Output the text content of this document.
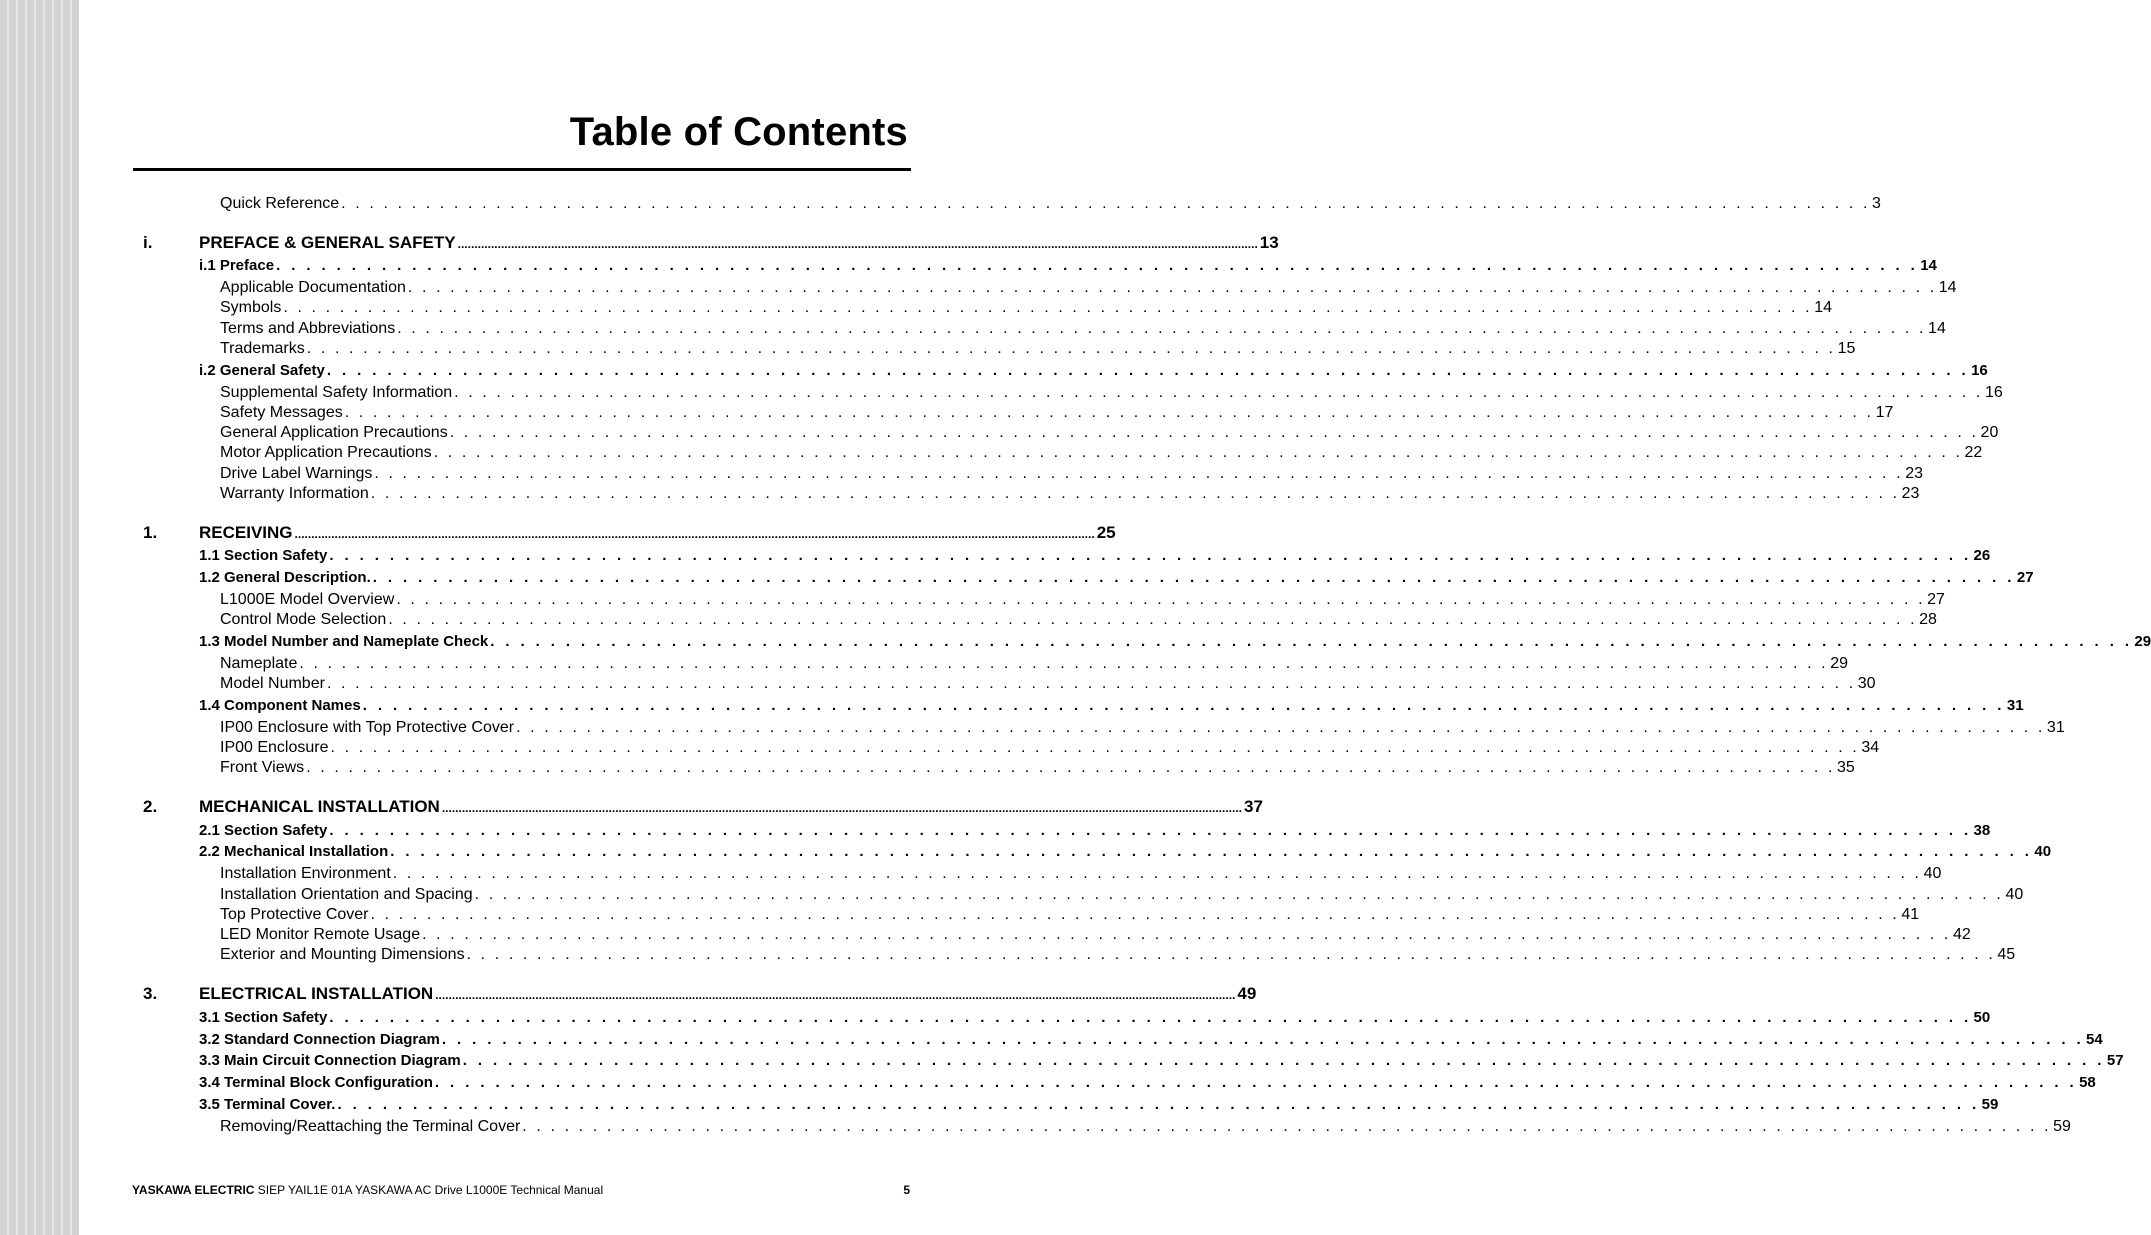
Table of Contents
Quick Reference . . . . . . . . . . . . . . . . . . . . . . . . . . . . . . . . . . . . . . . . . . . . . . . . . . . . . . . . . . . . . . . . . . . . . . . . . . . . . . . . . . . . . . . . . . . . . . . . . . . . . . . . . . . . . 3
i.	PREFACE & GENERAL SAFETY ................................................................................................................................................................................................................................................ 13
i.1 Preface . . . . . . . . . . . . . . . . . . . . . . . . . . . . . . . . . . . . . . . . . . . . . . . . . . . . . . . . . . . . . . . . . . . . . . . . . . . . . . . . . . . . . . . . . . . . . . . . . . . . . . . . . . . . . 14
Applicable Documentation . . . . . . . . . . . . . . . . . . . . . . . . . . . . . . . . . . . . . . . . . . . . . . . . . . . . . . . . . . . . . . . . . . . . . . . . . . . . . . . . . . . . . . . . . . . . . . . . . . . . . . . . . . . . . 14
Symbols . . . . . . . . . . . . . . . . . . . . . . . . . . . . . . . . . . . . . . . . . . . . . . . . . . . . . . . . . . . . . . . . . . . . . . . . . . . . . . . . . . . . . . . . . . . . . . . . . . . . . . . . . . . . . 14
Terms and Abbreviations . . . . . . . . . . . . . . . . . . . . . . . . . . . . . . . . . . . . . . . . . . . . . . . . . . . . . . . . . . . . . . . . . . . . . . . . . . . . . . . . . . . . . . . . . . . . . . . . . . . . . . . . . . . . . 14
Trademarks . . . . . . . . . . . . . . . . . . . . . . . . . . . . . . . . . . . . . . . . . . . . . . . . . . . . . . . . . . . . . . . . . . . . . . . . . . . . . . . . . . . . . . . . . . . . . . . . . . . . . . . . . . . . . 15
i.2 General Safety . . . . . . . . . . . . . . . . . . . . . . . . . . . . . . . . . . . . . . . . . . . . . . . . . . . . . . . . . . . . . . . . . . . . . . . . . . . . . . . . . . . . . . . . . . . . . . . . . . . . . . . . . . . . . 16
Supplemental Safety Information . . . . . . . . . . . . . . . . . . . . . . . . . . . . . . . . . . . . . . . . . . . . . . . . . . . . . . . . . . . . . . . . . . . . . . . . . . . . . . . . . . . . . . . . . . . . . . . . . . . . . . . . . . . . . 16
Safety Messages . . . . . . . . . . . . . . . . . . . . . . . . . . . . . . . . . . . . . . . . . . . . . . . . . . . . . . . . . . . . . . . . . . . . . . . . . . . . . . . . . . . . . . . . . . . . . . . . . . . . . . . . . . . . . 17
General Application Precautions . . . . . . . . . . . . . . . . . . . . . . . . . . . . . . . . . . . . . . . . . . . . . . . . . . . . . . . . . . . . . . . . . . . . . . . . . . . . . . . . . . . . . . . . . . . . . . . . . . . . . . . . . . . . . 20
Motor Application Precautions . . . . . . . . . . . . . . . . . . . . . . . . . . . . . . . . . . . . . . . . . . . . . . . . . . . . . . . . . . . . . . . . . . . . . . . . . . . . . . . . . . . . . . . . . . . . . . . . . . . . . . . . . . . . . 22
Drive Label Warnings . . . . . . . . . . . . . . . . . . . . . . . . . . . . . . . . . . . . . . . . . . . . . . . . . . . . . . . . . . . . . . . . . . . . . . . . . . . . . . . . . . . . . . . . . . . . . . . . . . . . . . . . . . . . . 23
Warranty Information . . . . . . . . . . . . . . . . . . . . . . . . . . . . . . . . . . . . . . . . . . . . . . . . . . . . . . . . . . . . . . . . . . . . . . . . . . . . . . . . . . . . . . . . . . . . . . . . . . . . . . . . . . . . . 23
1. RECEIVING ................................................................................................................................................................................................................................................ 25
1.1 Section Safety . . . . . . . . . . . . . . . . . . . . . . . . . . . . . . . . . . . . . . . . . . . . . . . . . . . . . . . . . . . . . . . . . . . . . . . . . . . . . . . . . . . . . . . . . . . . . . . . . . . . . . . . . . . . . 26
1.2 General Description. . . . . . . . . . . . . . . . . . . . . . . . . . . . . . . . . . . . . . . . . . . . . . . . . . . . . . . . . . . . . . . . . . . . . . . . . . . . . . . . . . . . . . . . . . . . . . . . . . . . . . . . . . . . . . 27
L1000E Model Overview . . . . . . . . . . . . . . . . . . . . . . . . . . . . . . . . . . . . . . . . . . . . . . . . . . . . . . . . . . . . . . . . . . . . . . . . . . . . . . . . . . . . . . . . . . . . . . . . . . . . . . . . . . . . . 27
Control Mode Selection . . . . . . . . . . . . . . . . . . . . . . . . . . . . . . . . . . . . . . . . . . . . . . . . . . . . . . . . . . . . . . . . . . . . . . . . . . . . . . . . . . . . . . . . . . . . . . . . . . . . . . . . . . . . . 28
1.3 Model Number and Nameplate Check . . . . . . . . . . . . . . . . . . . . . . . . . . . . . . . . . . . . . . . . . . . . . . . . . . . . . . . . . . . . . . . . . . . . . . . . . . . . . . . . . . . . . . . . . . . . . . . . . . . . . . . . . . . . . 29
Nameplate . . . . . . . . . . . . . . . . . . . . . . . . . . . . . . . . . . . . . . . . . . . . . . . . . . . . . . . . . . . . . . . . . . . . . . . . . . . . . . . . . . . . . . . . . . . . . . . . . . . . . . . . . . . . . 29
Model Number . . . . . . . . . . . . . . . . . . . . . . . . . . . . . . . . . . . . . . . . . . . . . . . . . . . . . . . . . . . . . . . . . . . . . . . . . . . . . . . . . . . . . . . . . . . . . . . . . . . . . . . . . . . . . 30
1.4 Component Names . . . . . . . . . . . . . . . . . . . . . . . . . . . . . . . . . . . . . . . . . . . . . . . . . . . . . . . . . . . . . . . . . . . . . . . . . . . . . . . . . . . . . . . . . . . . . . . . . . . . . . . . . . . . . 31
IP00 Enclosure with Top Protective Cover . . . . . . . . . . . . . . . . . . . . . . . . . . . . . . . . . . . . . . . . . . . . . . . . . . . . . . . . . . . . . . . . . . . . . . . . . . . . . . . . . . . . . . . . . . . . . . . . . . . . . . . . . . . . . 31
IP00 Enclosure . . . . . . . . . . . . . . . . . . . . . . . . . . . . . . . . . . . . . . . . . . . . . . . . . . . . . . . . . . . . . . . . . . . . . . . . . . . . . . . . . . . . . . . . . . . . . . . . . . . . . . . . . . . . . 34
Front Views . . . . . . . . . . . . . . . . . . . . . . . . . . . . . . . . . . . . . . . . . . . . . . . . . . . . . . . . . . . . . . . . . . . . . . . . . . . . . . . . . . . . . . . . . . . . . . . . . . . . . . . . . . . . . 35
2. MECHANICAL INSTALLATION ................................................................................................................................................................................................................................................ 37
2.1 Section Safety . . . . . . . . . . . . . . . . . . . . . . . . . . . . . . . . . . . . . . . . . . . . . . . . . . . . . . . . . . . . . . . . . . . . . . . . . . . . . . . . . . . . . . . . . . . . . . . . . . . . . . . . . . . . . 38
2.2 Mechanical Installation . . . . . . . . . . . . . . . . . . . . . . . . . . . . . . . . . . . . . . . . . . . . . . . . . . . . . . . . . . . . . . . . . . . . . . . . . . . . . . . . . . . . . . . . . . . . . . . . . . . . . . . . . . . . . 40
Installation Environment . . . . . . . . . . . . . . . . . . . . . . . . . . . . . . . . . . . . . . . . . . . . . . . . . . . . . . . . . . . . . . . . . . . . . . . . . . . . . . . . . . . . . . . . . . . . . . . . . . . . . . . . . . . . . 40
Installation Orientation and Spacing . . . . . . . . . . . . . . . . . . . . . . . . . . . . . . . . . . . . . . . . . . . . . . . . . . . . . . . . . . . . . . . . . . . . . . . . . . . . . . . . . . . . . . . . . . . . . . . . . . . . . . . . . . . . . 40
Top Protective Cover . . . . . . . . . . . . . . . . . . . . . . . . . . . . . . . . . . . . . . . . . . . . . . . . . . . . . . . . . . . . . . . . . . . . . . . . . . . . . . . . . . . . . . . . . . . . . . . . . . . . . . . . . . . . . 41
LED Monitor Remote Usage . . . . . . . . . . . . . . . . . . . . . . . . . . . . . . . . . . . . . . . . . . . . . . . . . . . . . . . . . . . . . . . . . . . . . . . . . . . . . . . . . . . . . . . . . . . . . . . . . . . . . . . . . . . . . 42
Exterior and Mounting Dimensions . . . . . . . . . . . . . . . . . . . . . . . . . . . . . . . . . . . . . . . . . . . . . . . . . . . . . . . . . . . . . . . . . . . . . . . . . . . . . . . . . . . . . . . . . . . . . . . . . . . . . . . . . . . . . 45
3. ELECTRICAL INSTALLATION ................................................................................................................................................................................................................................................ 49
3.1 Section Safety . . . . . . . . . . . . . . . . . . . . . . . . . . . . . . . . . . . . . . . . . . . . . . . . . . . . . . . . . . . . . . . . . . . . . . . . . . . . . . . . . . . . . . . . . . . . . . . . . . . . . . . . . . . . . 50
3.2 Standard Connection Diagram . . . . . . . . . . . . . . . . . . . . . . . . . . . . . . . . . . . . . . . . . . . . . . . . . . . . . . . . . . . . . . . . . . . . . . . . . . . . . . . . . . . . . . . . . . . . . . . . . . . . . . . . . . . . . 54
3.3 Main Circuit Connection Diagram . . . . . . . . . . . . . . . . . . . . . . . . . . . . . . . . . . . . . . . . . . . . . . . . . . . . . . . . . . . . . . . . . . . . . . . . . . . . . . . . . . . . . . . . . . . . . . . . . . . . . . . . . . . . . 57
3.4 Terminal Block Configuration . . . . . . . . . . . . . . . . . . . . . . . . . . . . . . . . . . . . . . . . . . . . . . . . . . . . . . . . . . . . . . . . . . . . . . . . . . . . . . . . . . . . . . . . . . . . . . . . . . . . . . . . . . . . . 58
3.5 Terminal Cover. . . . . . . . . . . . . . . . . . . . . . . . . . . . . . . . . . . . . . . . . . . . . . . . . . . . . . . . . . . . . . . . . . . . . . . . . . . . . . . . . . . . . . . . . . . . . . . . . . . . . . . . . . . . . . 59
Removing/Reattaching the Terminal Cover . . . . . . . . . . . . . . . . . . . . . . . . . . . . . . . . . . . . . . . . . . . . . . . . . . . . . . . . . . . . . . . . . . . . . . . . . . . . . . . . . . . . . . . . . . . . . . . . . . . . . . . . . . . . . 59
YASKAWA ELECTRIC SIEP YAIL1E 01A YASKAWA AC Drive L1000E Technical Manual	5
